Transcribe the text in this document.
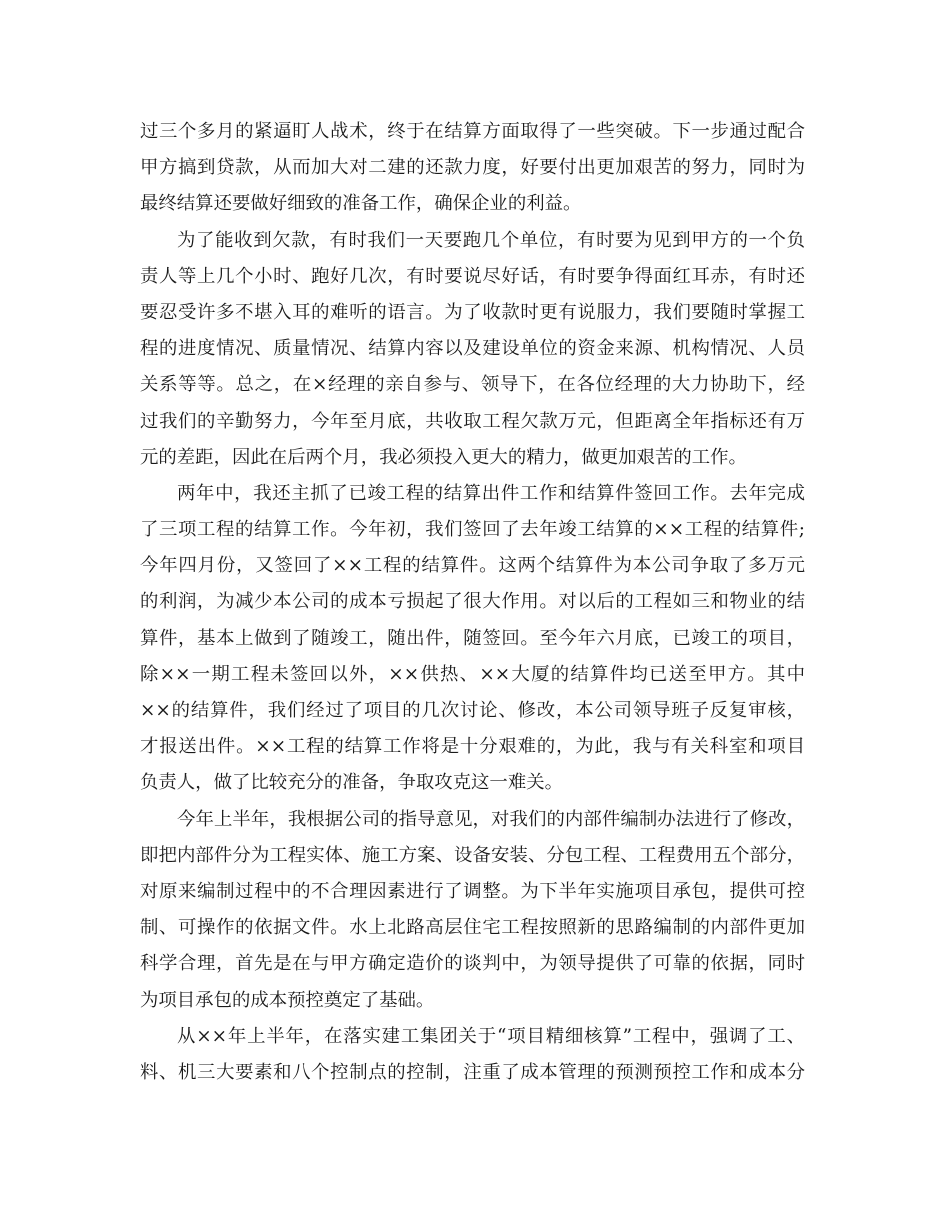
过三个多月的紧逼盯人战术，终于在结算方面取得了一些突破。下一步通过配合
甲方搞到贷款，从而加大对二建的还款力度，好要付出更加艰苦的努力，同时为
最终结算还要做好细致的准备工作，确保企业的利益。
为了能收到欠款，有时我们一天要跑几个单位，有时要为见到甲方的一个负
责人等上几个小时、跑好几次，有时要说尽好话，有时要争得面红耳赤，有时还
要忍受许多不堪入耳的难听的语言。为了收款时更有说服力，我们要随时掌握工
程的进度情况、质量情况、结算内容以及建设单位的资金来源、机构情况、人员
关系等等。总之，在×经理的亲自参与、领导下，在各位经理的大力协助下，经
过我们的辛勤努力，今年至月底，共收取工程欠款万元，但距离全年指标还有万
元的差距，因此在后两个月，我必须投入更大的精力，做更加艰苦的工作。
两年中，我还主抓了已竣工程的结算出件工作和结算件签回工作。去年完成
了三项工程的结算工作。今年初，我们签回了去年竣工结算的××工程的结算件;
今年四月份，又签回了××工程的结算件。这两个结算件为本公司争取了多万元
的利润，为减少本公司的成本亏损起了很大作用。对以后的工程如三和物业的结
算件，基本上做到了随竣工，随出件，随签回。至今年六月底，已竣工的项目，
除××一期工程未签回以外，××供热、××大厦的结算件均已送至甲方。其中
××的结算件，我们经过了项目的几次讨论、修改，本公司领导班子反复审核，
才报送出件。××工程的结算工作将是十分艰难的，为此，我与有关科室和项目
负责人，做了比较充分的准备，争取攻克这一难关。
今年上半年，我根据公司的指导意见，对我们的内部件编制办法进行了修改，
即把内部件分为工程实体、施工方案、设备安装、分包工程、工程费用五个部分，
对原来编制过程中的不合理因素进行了调整。为下半年实施项目承包，提供可控
制、可操作的依据文件。水上北路高层住宅工程按照新的思路编制的内部件更加
科学合理，首先是在与甲方确定造价的谈判中，为领导提供了可靠的依据，同时
为项目承包的成本预控奠定了基础。
从××年上半年，在落实建工集团关于“项目精细核算”工程中，强调了工、
料、机三大要素和八个控制点的控制，注重了成本管理的预测预控工作和成本分
